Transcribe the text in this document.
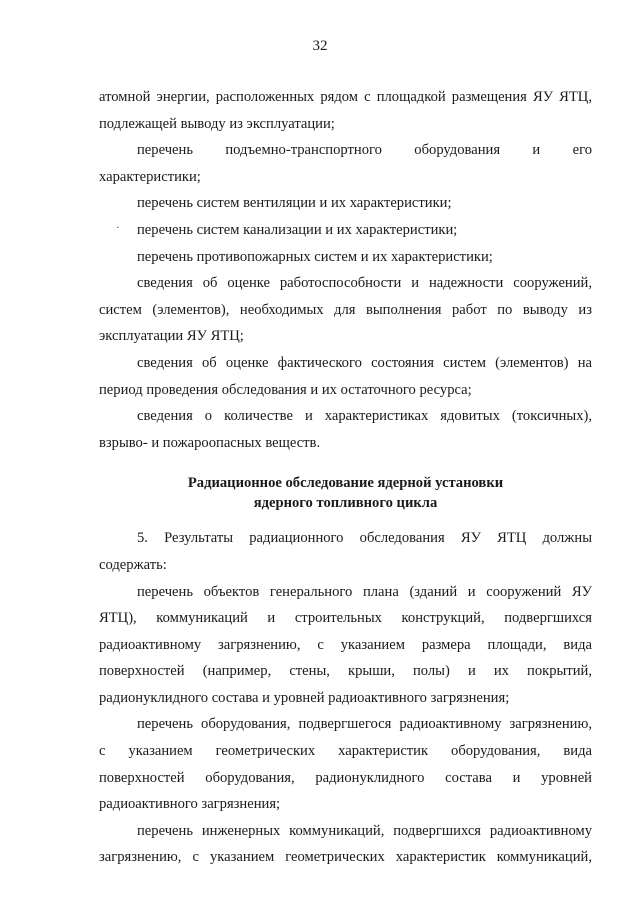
32
·
атомной энергии, расположенных рядом с площадкой размещения ЯУ ЯТЦ,
подлежащей выводу из эксплуатации;
перечень подъемно-транспортного оборудования и его
характеристики;
перечень систем вентиляции и их характеристики;
перечень систем канализации и их характеристики;
перечень противопожарных систем и их характеристики;
сведения об оценке работоспособности и надежности сооружений,
систем (элементов), необходимых для выполнения работ по выводу из
эксплуатации ЯУ ЯТЦ;
сведения об оценке фактического состояния систем (элементов) на
период проведения обследования и их остаточного ресурса;
сведения о количестве и характеристиках ядовитых (токсичных),
взрыво- и пожароопасных веществ.
Радиационное обследование ядерной установки
ядерного топливного цикла
5. Результаты радиационного обследования ЯУ ЯТЦ должны
содержать:
перечень объектов генерального плана (зданий и сооружений ЯУ
ЯТЦ), коммуникаций и строительных конструкций, подвергшихся
радиоактивному загрязнению, с указанием размера площади, вида
поверхностей (например, стены, крыши, полы) и их покрытий,
радионуклидного состава и уровней радиоактивного загрязнения;
перечень оборудования, подвергшегося радиоактивному загрязнению,
с указанием геометрических характеристик оборудования, вида
поверхностей оборудования, радионуклидного состава и уровней
радиоактивного загрязнения;
перечень инженерных коммуникаций, подвергшихся радиоактивному
загрязнению, с указанием геометрических характеристик коммуникаций,
